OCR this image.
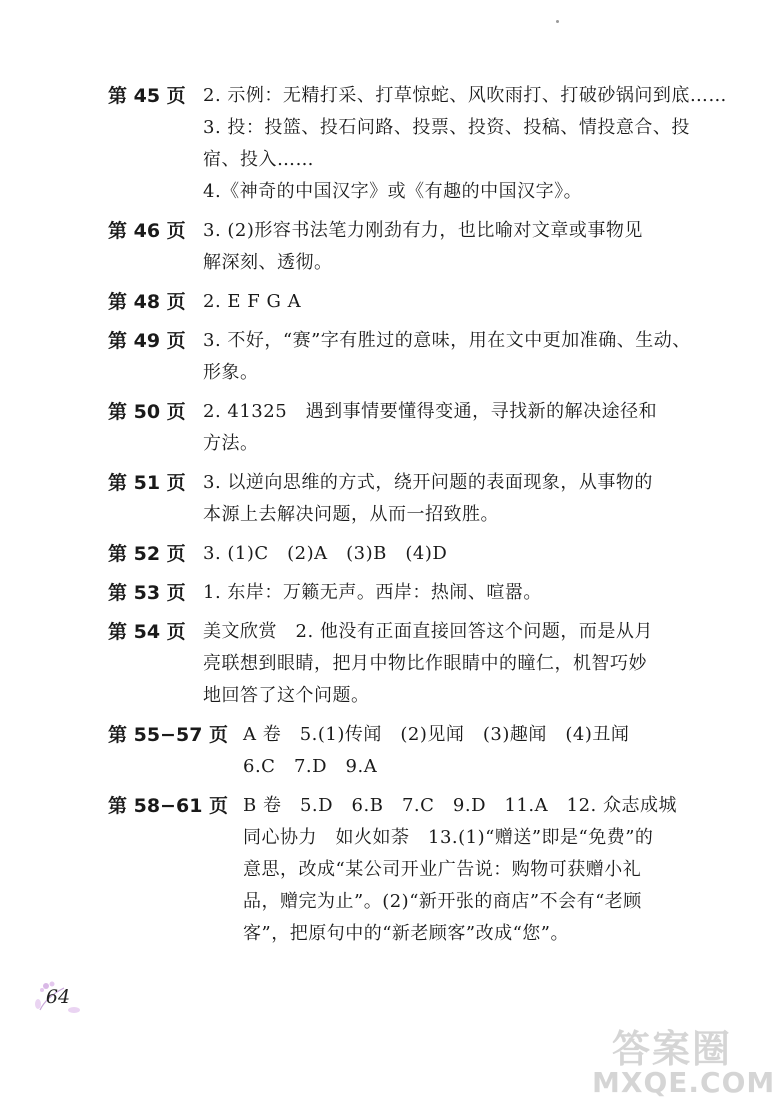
第 45 页 2. 示例：无精打采、打草惊蛇、风吹雨打、打破砂锅问到底……
3. 投：投篮、投石问路、投票、投资、投稿、情投意合、投
宿、投入……
4.《神奇的中国汉字》或《有趣的中国汉字》。
第 46 页 3. (2)形容书法笔力刚劲有力，也比喻对文章或事物见
解深刻、透彻。
第 48 页 2. E F G A
第 49 页 3. 不好，“赛”字有胜过的意味，用在文中更加准确、生动、
形象。
第 50 页 2. 41325　遇到事情要懂得变通，寻找新的解决途径和
方法。
第 51 页 3. 以逆向思维的方式，绕开问题的表面现象，从事物的
本源上去解决问题，从而一招致胜。
第 52 页 3. (1)C　(2)A　(3)B　(4)D
第 53 页 1. 东岸：万籁无声。西岸：热闹、喧嚣。
第 54 页 美文欣赏　2. 他没有正面直接回答这个问题，而是从月
亮联想到眼睛，把月中物比作眼睛中的瞳仁，机智巧妙
地回答了这个问题。
第 55−57 页 A 卷　5.(1)传闻　(2)见闻　(3)趣闻　(4)丑闻
6.C　7.D　9.A
第 58−61 页 B 卷　5.D　6.B　7.C　9.D　11.A　12. 众志成城
同心协力　如火如荼　13.(1)“赠送”即是“免费”的
意思，改成“某公司开业广告说：购物可获赠小礼
品，赠完为止”。(2)“新开张的商店”不会有“老顾
客”，把原句中的“新老顾客”改成“您”。
64
答案圈
MXQE.COM
